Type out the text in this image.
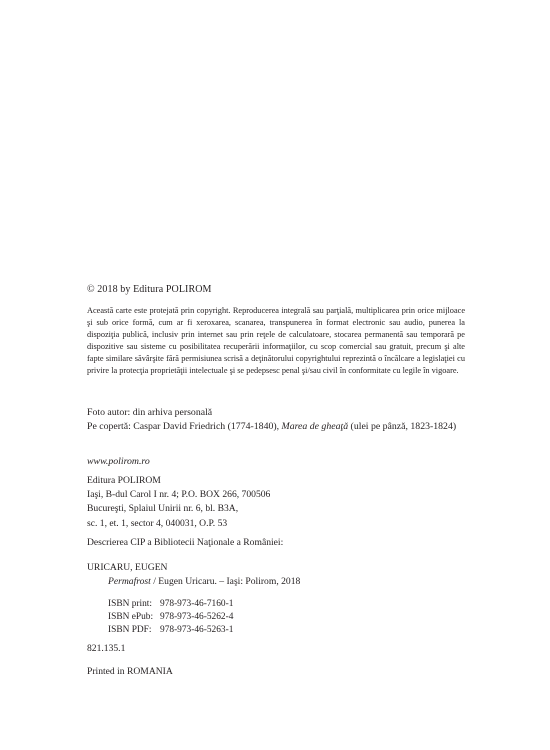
© 2018 by Editura POLIROM

Această carte este protejată prin copyright. Reproducerea integrală sau parţială, multiplicarea prin orice mijloace şi sub orice formă, cum ar fi xeroxarea, scanarea, transpunerea în format electronic sau audio, punerea la dispoziţia publică, inclusiv prin internet sau prin reţele de calculatoare, stocarea permanentă sau temporară pe dispozitive sau sisteme cu posibilitatea recuperării informaţiilor, cu scop comercial sau gratuit, precum şi alte fapte similare săvârşite fără permisiunea scrisă a deţinătorului copyrightului reprezintă o încălcare a legislaţiei cu privire la protecţia proprietăţii intelectuale şi se pedepsesc penal şi/sau civil în conformitate cu legile în vigoare.

Foto autor: din arhiva personală
Pe copertă: Caspar David Friedrich (1774-1840), Marea de gheaţă (ulei pe pânză, 1823-1824)
www.polirom.ro
Editura POLIROM
Iaşi, B-dul Carol I nr. 4; P.O. BOX 266, 700506
Bucureşti, Splaiul Unirii nr. 6, bl. B3A,
sc. 1, et. 1, sector 4, 040031, O.P. 53
Descrierea CIP a Bibliotecii Naţionale a României:
URICARU, EUGEN
Permafrost / Eugen Uricaru. – Iaşi: Polirom, 2018
ISBN print: 978-973-46-7160-1
ISBN ePub: 978-973-46-5262-4
ISBN PDF: 978-973-46-5263-1
821.135.1
Printed in ROMANIA
